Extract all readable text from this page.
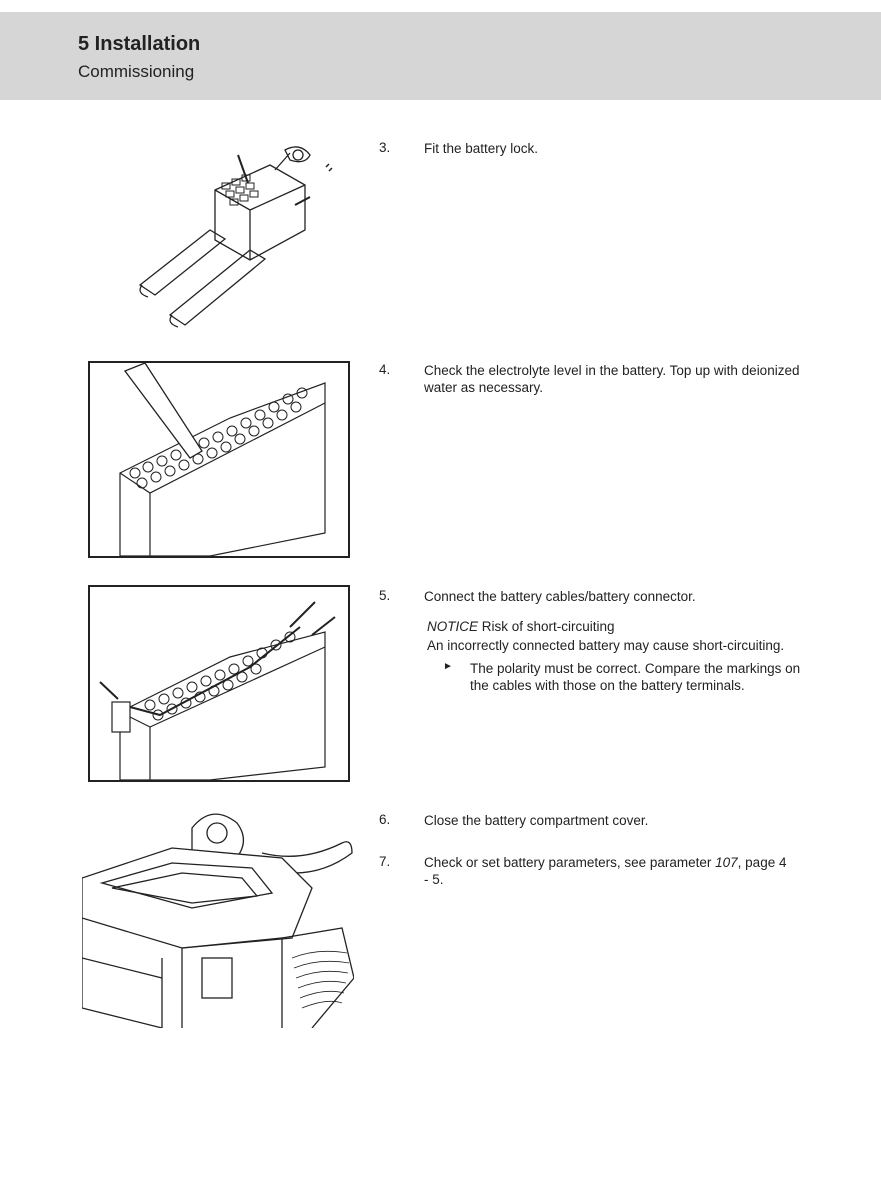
5 Installation
Commissioning
3. Fit the battery lock.
4. Check the electrolyte level in the battery. Top up with deionized water as necessary.
5. Connect the battery cables/battery connector.
NOTICE Risk of short-circuiting
An incorrectly connected battery may cause short-circuiting.
► The polarity must be correct. Compare the markings on the cables with those on the battery terminals.
6. Close the battery compartment cover.
7. Check or set battery parameters, see parameter 107, page 4 - 5.
